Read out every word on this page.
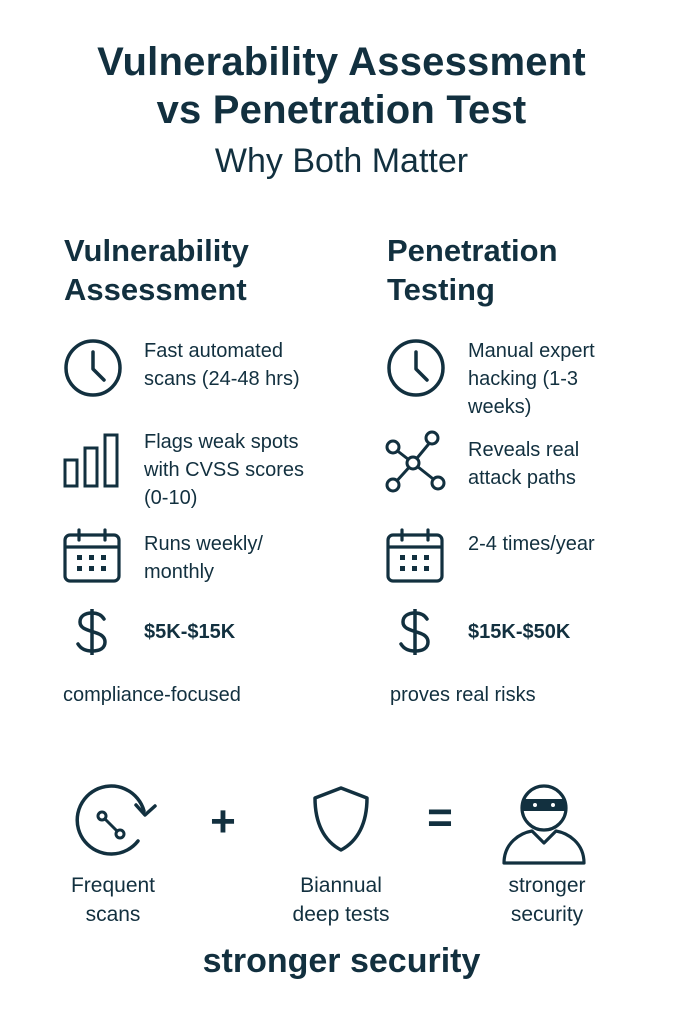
Vulnerability Assessment
vs Penetration Test
Why Both Matter
Vulnerability
Assessment
Penetration
Testing
Fast automated
scans (24-48 hrs)
Flags weak spots
with CVSS scores
(0-10)
Runs weekly/
monthly
$5K-$15K
compliance-focused
Manual expert
hacking (1-3
weeks)
Reveals real
attack paths
2-4 times/year
$15K-$50K
proves real risks
Frequent
scans
+
Biannual
deep tests
=
stronger
security
stronger security
